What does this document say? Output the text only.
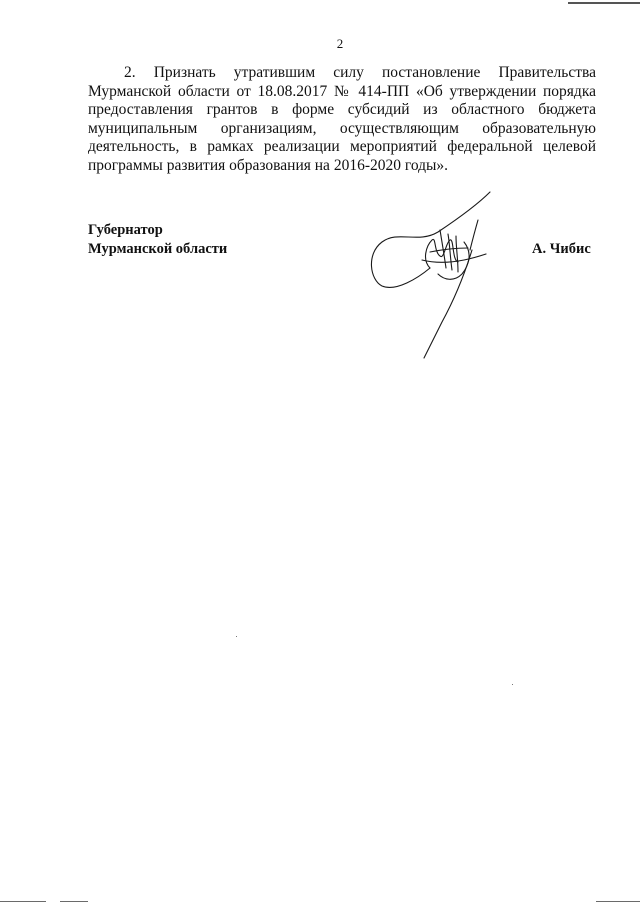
2
2. Признать утратившим силу постановление Правительства
Мурманской области от 18.08.2017 № 414-ПП «Об утверждении порядка
предоставления грантов в форме субсидий из областного бюджета
муниципальным организациям, осуществляющим образовательную
деятельность, в рамках реализации мероприятий федеральной целевой
программы развития образования на 2016-2020 годы».
Губернатор
Мурманской области	А. Чибис
